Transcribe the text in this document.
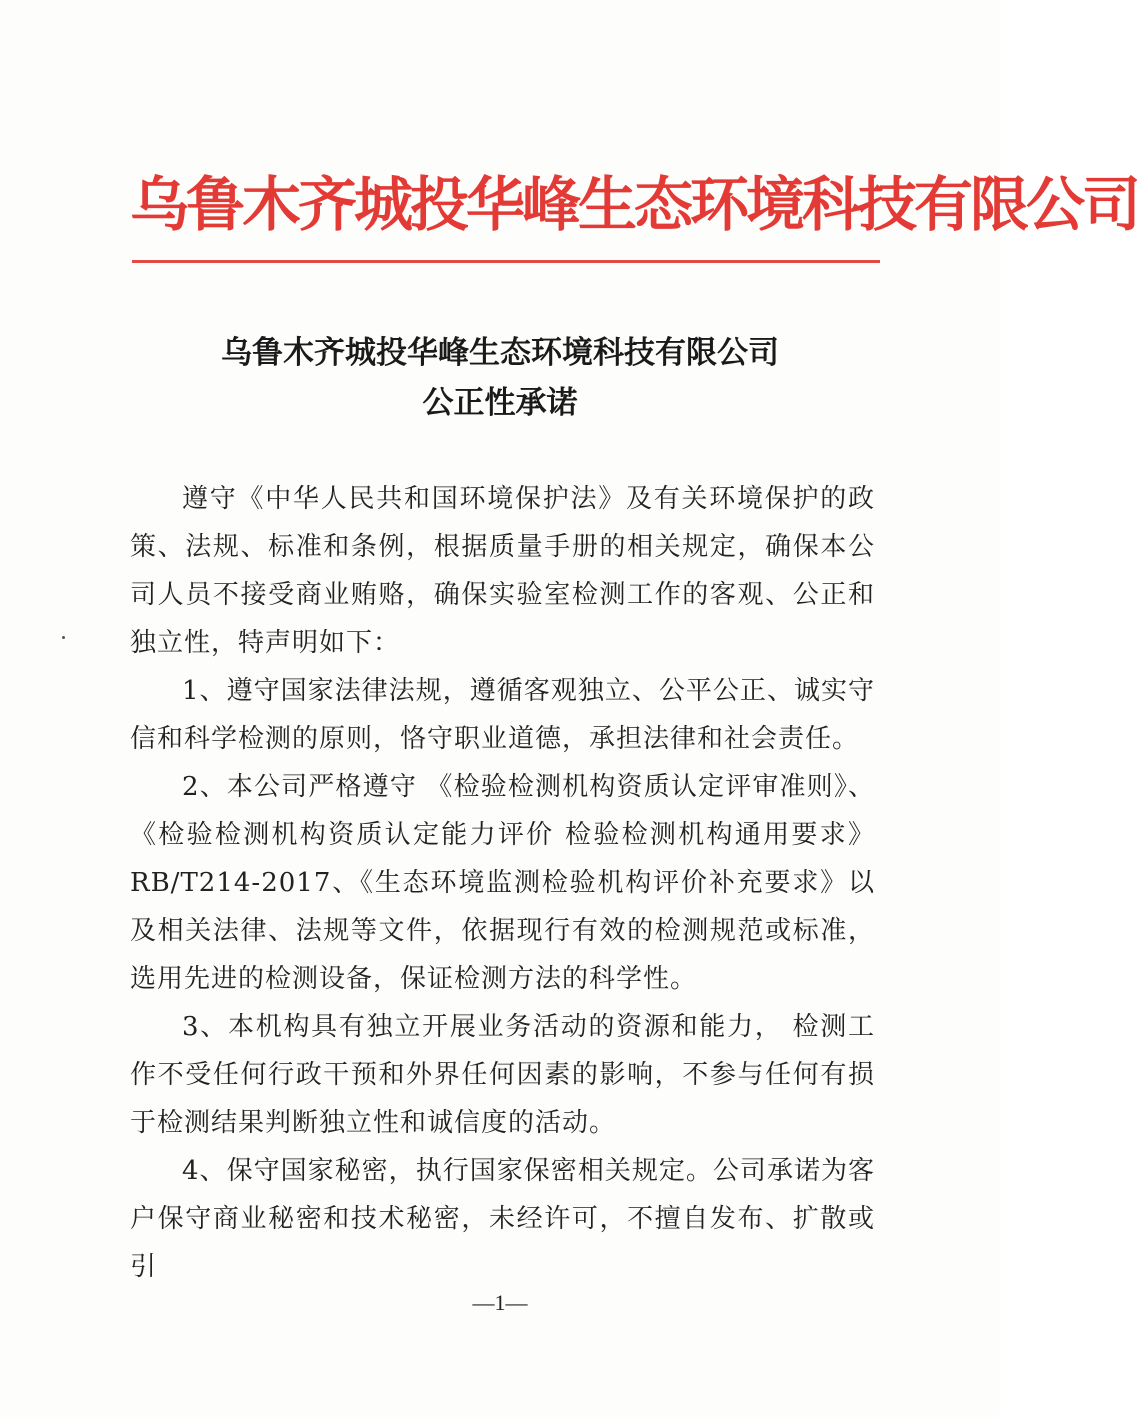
乌鲁木齐城投华峰生态环境科技有限公司
乌鲁木齐城投华峰生态环境科技有限公司
公正性承诺

遵守《中华人民共和国环境保护法》及有关环境保护的政策、法规、标准和条例，根据质量手册的相关规定，确保本公司人员不接受商业贿赂，确保实验室检测工作的客观、公正和独立性，特声明如下：

1、遵守国家法律法规，遵循客观独立、公平公正、诚实守信和科学检测的原则，恪守职业道德，承担法律和社会责任。

2、本公司严格遵守 《检验检测机构资质认定评审准则》、《检验检测机构资质认定能力评价 检验检测机构通用要求》RB/T214-2017、《生态环境监测检验机构评价补充要求》以及相关法律、法规等文件，依据现行有效的检测规范或标准，选用先进的检测设备，保证检测方法的科学性。

3、本机构具有独立开展业务活动的资源和能力， 检测工作不受任何行政干预和外界任何因素的影响，不参与任何有损于检测结果判断独立性和诚信度的活动。

4、保守国家秘密，执行国家保密相关规定。公司承诺为客户保守商业秘密和技术秘密，未经许可，不擅自发布、扩散或引

—1—
